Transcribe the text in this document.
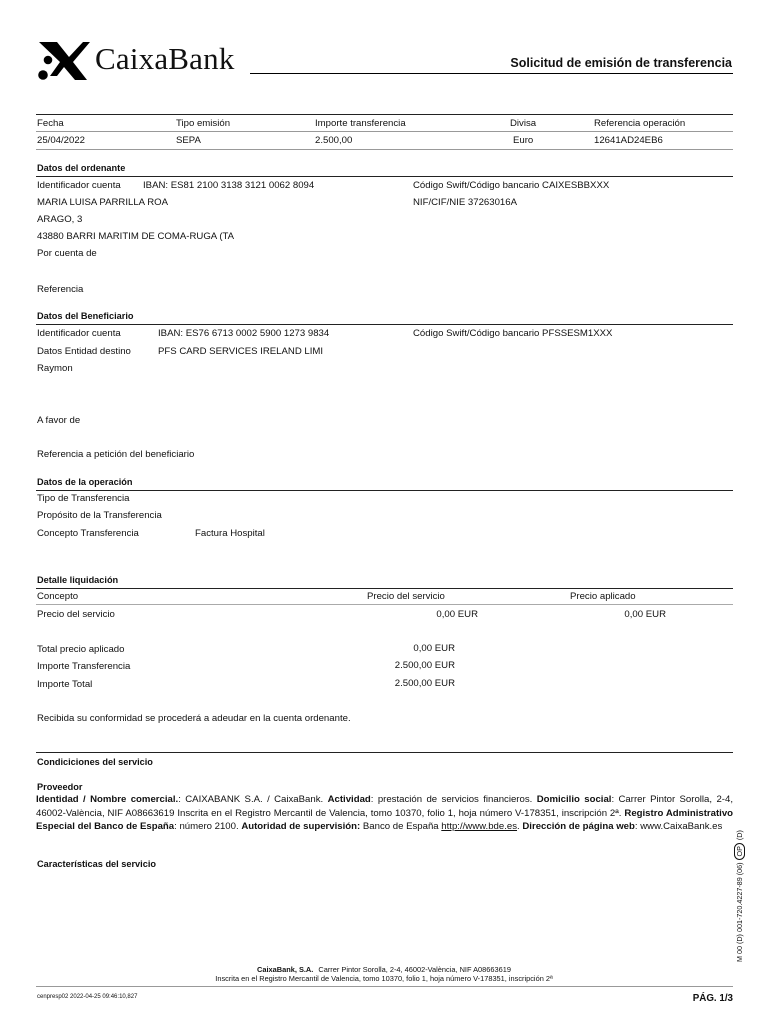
CaixaBank	Solicitud de emisión de transferencia
Fecha	Tipo emisión	Importe transferencia	Divisa	Referencia operación
25/04/2022	SEPA	2.500,00	Euro	12641AD24EB6
Datos del ordenante
Identificador cuenta IBAN: ES81 2100 3138 3121 0062 8094	Código Swift/Código bancario CAIXESBBXXX
MARIA LUISA PARRILLA ROA	NIF/CIF/NIE 37263016A
ARAGO, 3
43880 BARRI MARITIM DE COMA-RUGA (TA
Por cuenta de
Referencia
Datos del Beneficiario
Identificador cuenta	IBAN: ES76 6713 0002 5900 1273 9834	Código Swift/Código bancario PFSSESM1XXX
Datos Entidad destino	PFS CARD SERVICES IRELAND LIMI
Raymon
A favor de
Referencia a petición del beneficiario
Datos de la operación
Tipo de Transferencia
Propósito de la Transferencia
Concepto Transferencia	Factura Hospital
Detalle liquidación
Concepto	Precio del servicio	Precio aplicado
Precio del servicio	0,00 EUR	0,00 EUR
Total precio aplicado	0,00 EUR
Importe Transferencia	2.500,00 EUR
Importe Total	2.500,00 EUR
Recibida su conformidad se procederá a adeudar en la cuenta ordenante.
Condiciciones del servicio
Proveedor
Identidad / Nombre comercial.: CAIXABANK S.A. / CaixaBank. Actividad: prestación de servicios financieros. Domicilio social: Carrer Pintor Sorolla, 2-4, 46002-València, NIF A08663619 Inscrita en el Registro Mercantil de Valencia, tomo 10370, folio 1, hoja número V-178351, inscripción 2ª. Registro Administrativo Especial del Banco de España: número 2100. Autoridad de supervisión: Banco de España http://www.bde.es. Dirección de página web: www.CaixaBank.es
Características del servicio	M 00 (D) 001-720.4227-89 (06) OP (D)
CaixaBank, S.A. Carrer Pintor Sorolla, 2-4, 46002-València, NIF A08663619
Inscrita en el Registro Mercantil de Valencia, tomo 10370, folio 1, hoja número V-178351, inscripción 2ª
cenpresp02 2022-04-25 09:46:10,827	PÁG. 1/3
